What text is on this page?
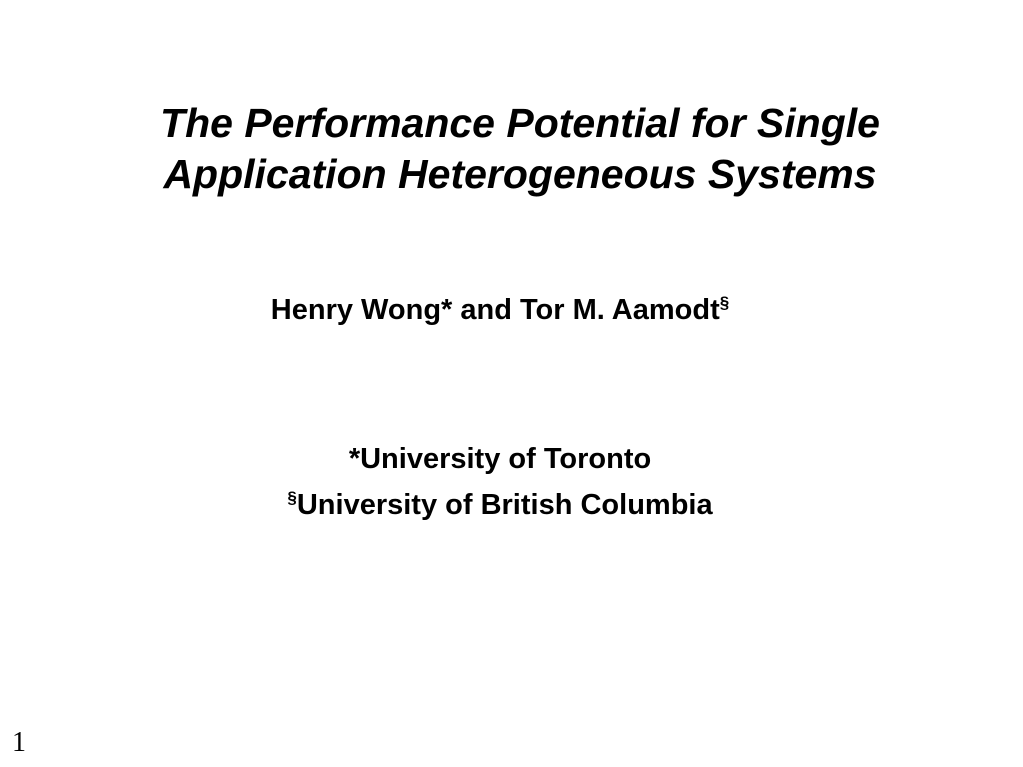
The Performance Potential for Single
Application Heterogeneous Systems
Henry Wong* and Tor M. Aamodt§
*University of Toronto
§University of British Columbia
1
